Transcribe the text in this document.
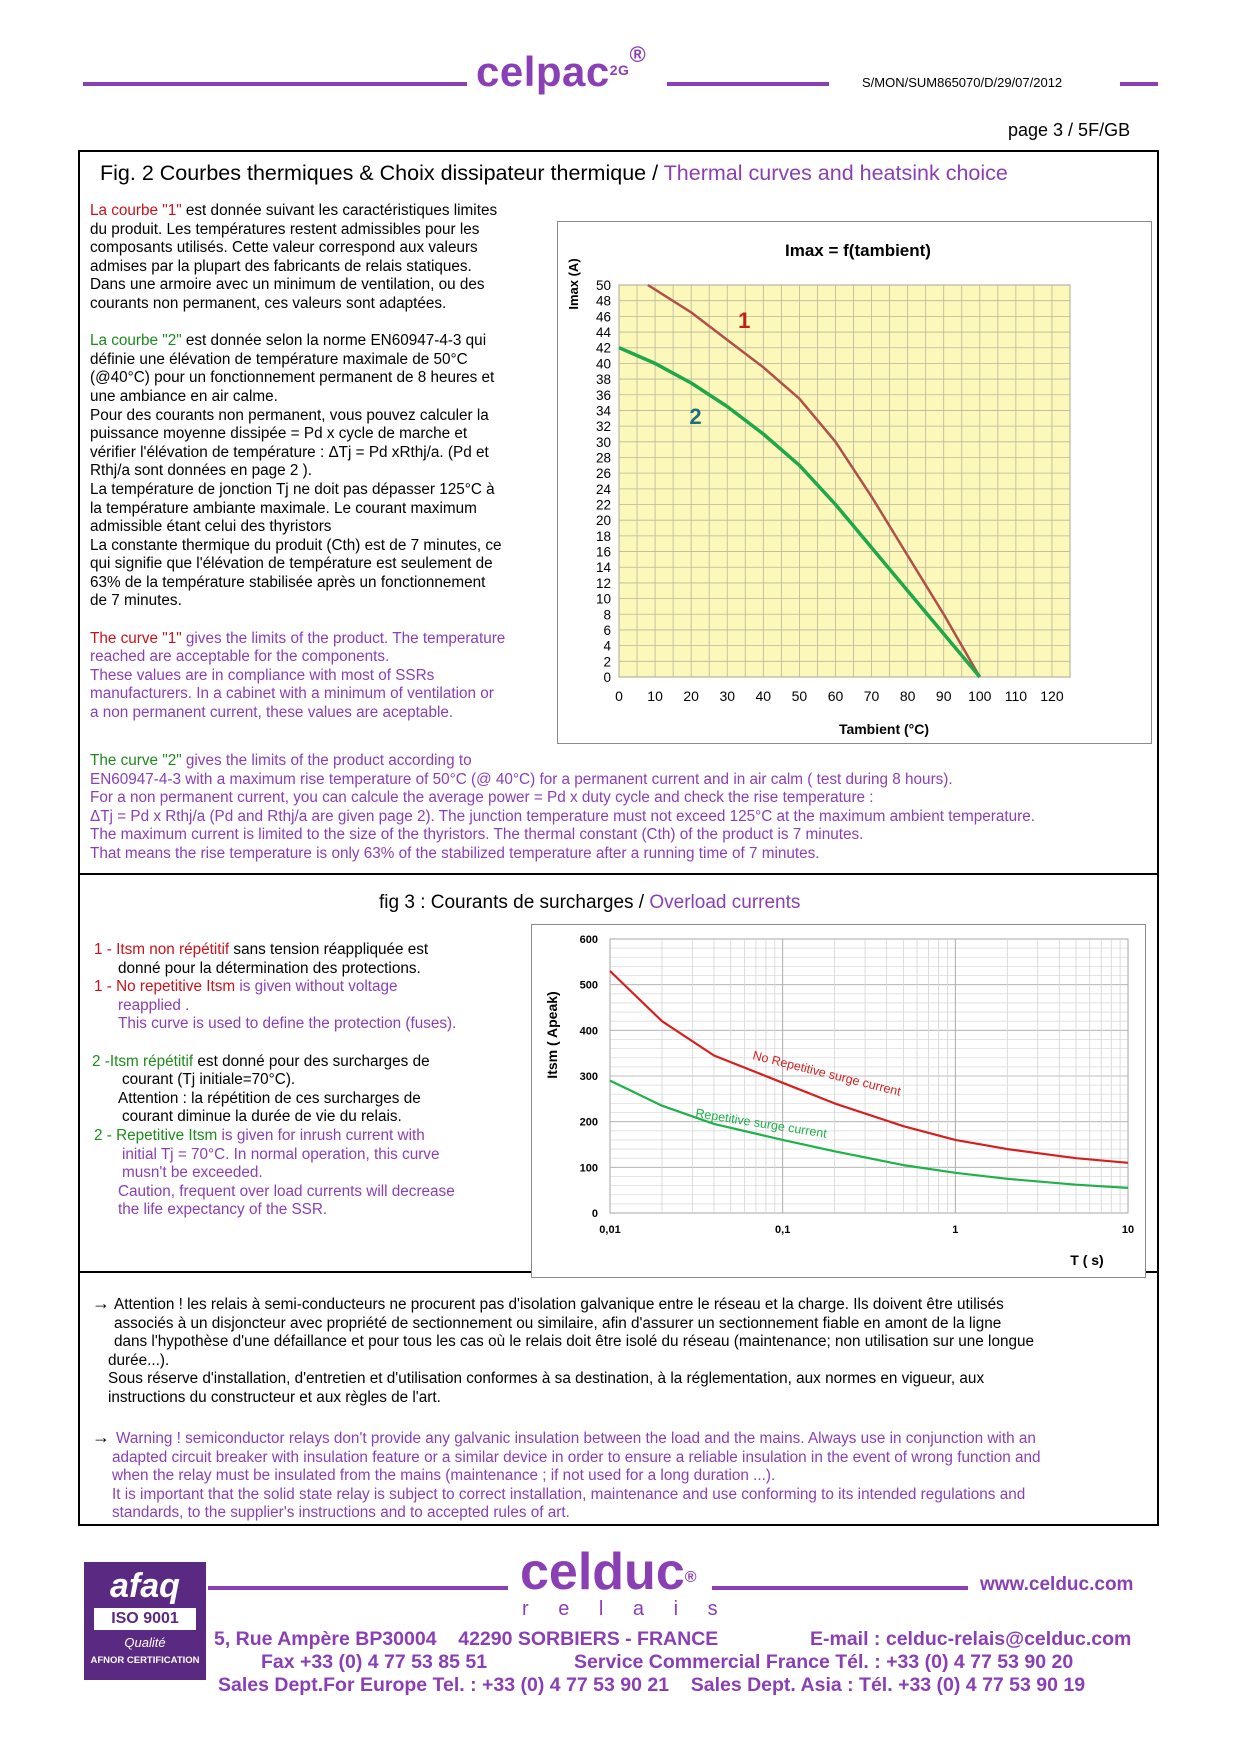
celpac$^{2G®}$
S/MON/SUM865070/D/29/07/2012
page 3 / 5F/GB
Fig. 2 Courbes thermiques & Choix dissipateur thermique / Thermal curves and heatsink choice

La courbe "1" est donnée suivant les caractéristiques limites

du produit. Les températures restent admissibles pour les

composants utilisés. Cette valeur correspond aux valeurs

admises par la plupart des fabricants de relais statiques.

Dans une armoire avec un minimum de ventilation, ou des

courants non permanent, ces valeurs sont adaptées.

La courbe "2" est donnée selon la norme EN60947-4-3 qui

définie une élévation de température maximale de 50°C

(@40°C) pour un fonctionnement permanent de 8 heures et

une ambiance en air calme.

Pour des courants non permanent, vous pouvez calculer la

puissance moyenne dissipée = Pd x cycle de marche et

vérifier l'élévation de température : ΔTj = Pd xRthj/a. (Pd et

Rthj/a sont données en page 2 ).

La température de jonction Tj ne doit pas dépasser 125°C à

la température ambiante maximale. Le courant maximum

admissible étant celui des thyristors

La constante thermique du produit (Cth) est de 7 minutes, ce

qui signifie que l'élévation de température est seulement de

63% de la température stabilisée après un fonctionnement

de 7 minutes.

The curve "1" gives the limits of the product. The temperature

reached are acceptable for the components.

These values are in compliance with most of SSRs

manufacturers. In a cabinet with a minimum of ventilation or

a non permanent current, these values are aceptable.

The curve "2" gives the limits of the product according to

EN60947-4-3 with a maximum rise temperature of 50°C (@ 40°C) for a permanent current and in air calm ( test during 8 hours).

For a non permanent current, you can calcule the average power = Pd x duty cycle and check the rise temperature :

ΔTj = Pd x Rthj/a (Pd and Rthj/a are given page 2). The junction temperature must not exceed 125°C at the maximum ambient temperature.

The maximum current is limited to the size of the thyristors. The thermal constant (Cth) of the product is 7 minutes.

That means the rise temperature is only 63% of the stabilized temperature after a running time of 7 minutes.

0
2
4
6
8
10
12
14
16
18
20
22
24
26
28
30
32
34
36
38
40
42
44
46
48
50
0 10 20 30 40 50 60 70 80 90 100 110 120
1
2
Imax = f(tambient)
Tambient (°C)
Imax (A)
fig 3 : Courants de surcharges / Overload currents

1 - Itsm non répétitif sans tension réappliquée est

donné pour la détermination des protections.

1 - No repetitive Itsm is given without voltage

reapplied .

This curve is used to define the protection (fuses).

2 -Itsm répétitif est donné pour des surcharges de

courant (Tj initiale=70°C).

Attention : la répétition de ces surcharges de

courant diminue la durée de vie du relais.

2 - Repetitive Itsm is given for inrush current with

initial Tj = 70°C. In normal operation, this curve

musn't be exceeded.

Caution, frequent over load currents will decrease

the life expectancy of the SSR.	0
100
200
300
400
500
600
0,01	0,1	1	10
No Repetitive surge current
Repetitive surge current
T ( s)
Itsm ( Apeak)
→ Attention ! les relais à semi-conducteurs ne procurent pas d'isolation galvanique entre le réseau et la charge. Ils doivent être utilisés

associés à un disjoncteur avec propriété de sectionnement ou similaire, afin d'assurer un sectionnement fiable en amont de la ligne

dans l'hypothèse d'une défaillance et pour tous les cas où le relais doit être isolé du réseau (maintenance; non utilisation sur une longue

durée...).

Sous réserve d'installation, d'entretien et d'utilisation conformes à sa destination, à la réglementation, aux normes en vigueur, aux

instructions du constructeur et aux règles de l'art.

→ Warning ! semiconductor relays don't provide any galvanic insulation between the load and the mains. Always use in conjunction with an

adapted circuit breaker with insulation feature or a similar device in order to ensure a reliable insulation in the event of wrong function and

when the relay must be insulated from the mains (maintenance ; if not used for a long duration ...).

It is important that the solid state relay is subject to correct installation, maintenance and use conforming to its intended regulations and

standards, to the supplier's instructions and to accepted rules of art.

afaq
ISO 9001
Qualité
AFNOR CERTIFICATION
celduc®
r e l a i s
www.celduc.com
5, Rue Ampère BP30004    42290 SORBIERS - FRANCE	E-mail : celduc-relais@celduc.com
Fax +33 (0) 4 77 53 85 51	Service Commercial France Tél. : +33 (0) 4 77 53 90 20
Sales Dept.For Europe Tel. : +33 (0) 4 77 53 90 21    Sales Dept. Asia : Tél. +33 (0) 4 77 53 90 19
